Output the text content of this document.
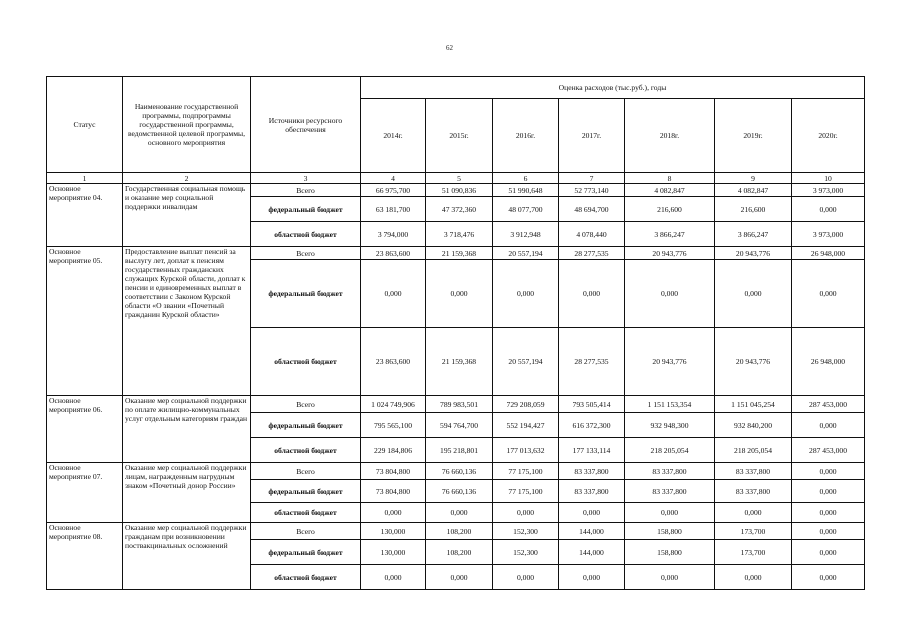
62
Статус	Наименование государственной программы, подпрограммы государственной программы, ведомственной целевой программы, основного мероприятия	Источники ресурсного обеспечения	Оценка расходов (тыс.руб.), годы						
			2014г.	2015г.	2016г.	2017г.	2018г.	2019г.	2020г.
1	2	3	4	5	6	7	8	9	10
Основное мероприятие 04.	Государственная социальная помощь и оказание мер социальной поддержки инвалидам	Всего	66 975,700	51 090,836	51 990,648	52 773,140	4 082,847	4 082,847	3 973,000
		федеральный бюджет	63 181,700	47 372,360	48 077,700	48 694,700	216,600	216,600	0,000
		областной бюджет	3 794,000	3 718,476	3 912,948	4 078,440	3 866,247	3 866,247	3 973,000
Основное мероприятие 05.	Предоставление выплат пенсий за выслугу лет, доплат к пенсиям государственных гражданских служащих Курской области, доплат к пенсии и единовременных выплат в соответствии с Законом Курской области «О звании «Почетный гражданин Курской области»	Всего	23 863,600	21 159,368	20 557,194	28 277,535	20 943,776	20 943,776	26 948,000
		федеральный бюджет	0,000	0,000	0,000	0,000	0,000	0,000	0,000
		областной бюджет	23 863,600	21 159,368	20 557,194	28 277,535	20 943,776	20 943,776	26 948,000
Основное мероприятие 06.	Оказание мер социальной поддержки по оплате жилищно-коммунальных услуг отдельным категориям граждан	Всего	1 024 749,906	789 983,501	729 208,059	793 505,414	1 151 153,354	1 151 045,254	287 453,000
		федеральный бюджет	795 565,100	594 764,700	552 194,427	616 372,300	932 948,300	932 840,200	0,000
		областной бюджет	229 184,806	195 218,801	177 013,632	177 133,114	218 205,054	218 205,054	287 453,000
Основное мероприятие 07.	Оказание мер социальной поддержки лицам, награжденным нагрудным знаком «Почетный донор России»	Всего	73 804,800	76 660,136	77 175,100	83 337,800	83 337,800	83 337,800	0,000
		федеральный бюджет	73 804,800	76 660,136	77 175,100	83 337,800	83 337,800	83 337,800	0,000
		областной бюджет	0,000	0,000	0,000	0,000	0,000	0,000	0,000
Основное мероприятие 08.	Оказание мер социальной поддержки гражданам при возникновении поствакцинальных осложнений	Всего	130,000	108,200	152,300	144,000	158,800	173,700	0,000
		федеральный бюджет	130,000	108,200	152,300	144,000	158,800	173,700	0,000
		областной бюджет	0,000	0,000	0,000	0,000	0,000	0,000	0,000
